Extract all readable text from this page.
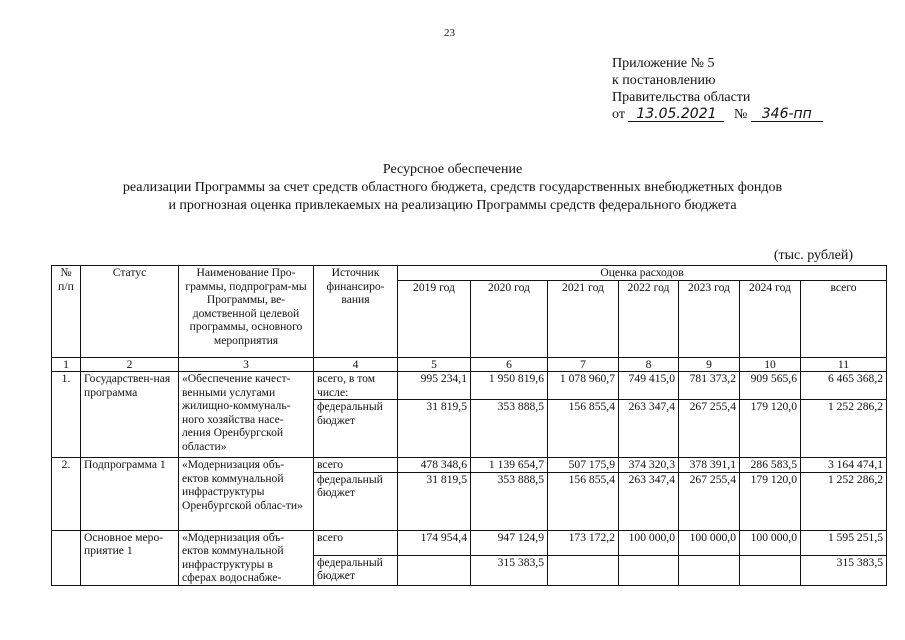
23
Приложение № 5
к постановлению
Правительства области
от 13.05.2021 № 346-пп
Ресурсное обеспечение
реализации Программы за счет средств областного бюджета, средств государственных внебюджетных фондов
и прогнозная оценка привлекаемых на реализацию Программы средств федерального бюджета
(тыс. рублей)
№ п/п	Статус	Наименование Про-граммы, подпрограм-мы Программы, ве-домственной целевой программы, основного мероприятия	Источник финансиро-вания	Оценка расходов						
				2019 год	2020 год	2021 год	2022 год	2023 год	2024 год	всего
1	2	3	4	5	6	7	8	9	10	11
1.	Государствен-ная программа	«Обеспечение качест-венными услугами жилищно-коммуналь-ного хозяйства насе-ления Оренбургской области»	всего, в том числе:	995 234,1	1 950 819,6	1 078 960,7	749 415,0	781 373,2	909 565,6	6 465 368,2
			федеральный бюджет	31 819,5	353 888,5	156 855,4	263 347,4	267 255,4	179 120,0	1 252 286,2
2.	Подпрограмма 1	«Модернизация объ-ектов коммунальной инфраструктуры Оренбургской облас-ти»	всего	478 348,6	1 139 654,7	507 175,9	374 320,3	378 391,1	286 583,5	3 164 474,1
			федеральный бюджет	31 819,5	353 888,5	156 855,4	263 347,4	267 255,4	179 120,0	1 252 286,2
	Основное меро-приятие 1	«Модернизация объ-ектов коммунальной инфраструктуры в сферах водоснабже-	всего	174 954,4	947 124,9	173 172,2	100 000,0	100 000,0	100 000,0	1 595 251,5
			федеральный бюджет		315 383,5					315 383,5
